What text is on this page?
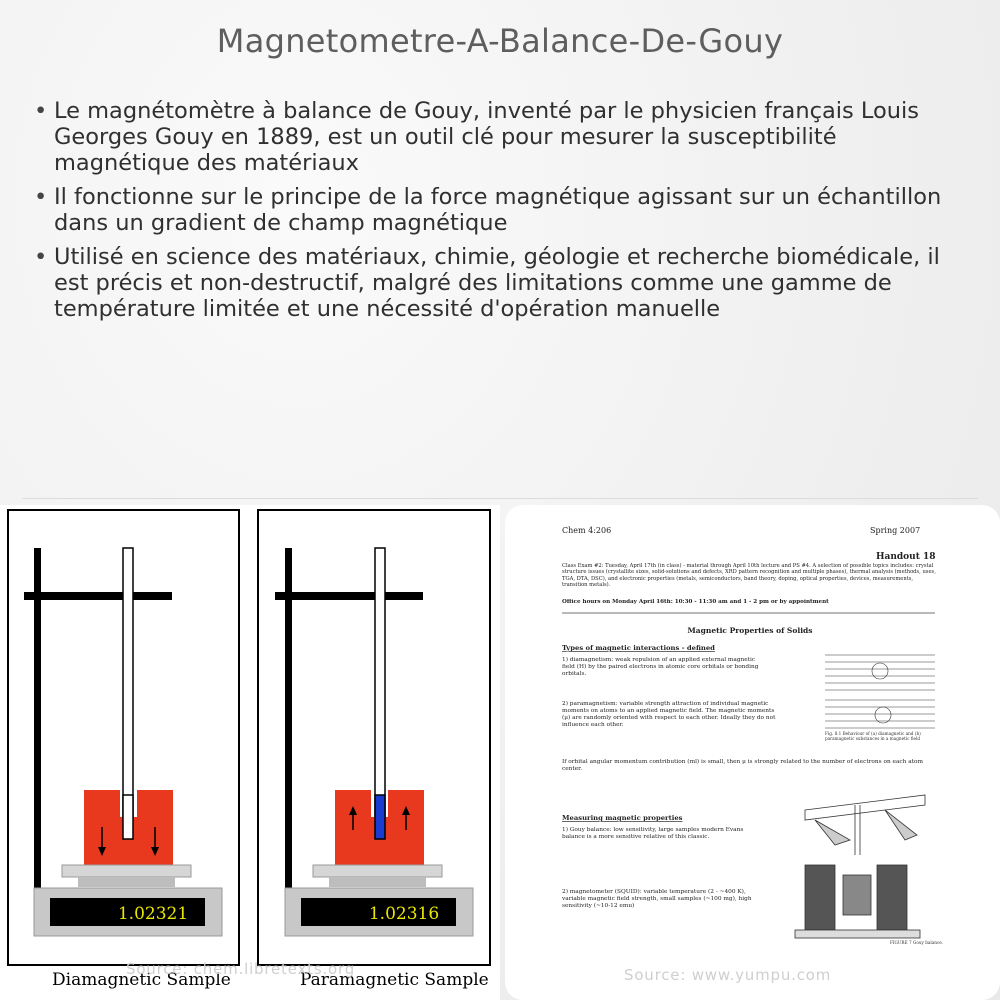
Magnetometre-A-Balance-De-Gouy
• Le magnétomètre à balance de Gouy, inventé par le physicien français Louis Georges Gouy en 1889, est un outil clé pour mesurer la susceptibilité magnétique des matériaux
• Il fonctionne sur le principe de la force magnétique agissant sur un échantillon dans un gradient de champ magnétique
• Utilisé en science des matériaux, chimie, géologie et recherche biomédicale, il est précis et non-destructif, malgré des limitations comme une gamme de température limitée et une nécessité d'opération manuelle
1.02321
Diamagnetic Sample
1.02316
Paramagnetic Sample
Source: chem.libretexts.org
Chem 4:206	Spring 2007
Handout 18
Class Exam #2: Tuesday, April 17th (in class) - material through April 10th lecture and PS #4. A selection of possible topics includes: crystal structure issues (crystallite sizes, solid-solutions and defects, XRD pattern recognition and multiple phases), thermal analysis (methods, uses, TGA, DTA, DSC), and electronic properties (metals, semiconductors, band theory, doping, optical properties, devices, measurements, transition metals).
Office hours on Monday April 16th: 10:30 - 11:30 am and 1 - 2 pm or by appointment
Magnetic Properties of Solids
Types of magnetic interactions - defined
1) diamagnetism: weak repulsion of an applied external magnetic field (H) by the paired electrons in atomic core orbitals or bonding orbitals.
2) paramagnetism: variable strength attraction of individual magnetic moments on atoms to an applied magnetic field. The magnetic moments (μ) are randomly oriented with respect to each other. Ideally they do not influence each other.
Fig. 8.1 Behaviour of (a) diamagnetic and (b) paramagnetic substances in a magnetic field
If orbital angular momentum contribution (ml) is small, then μ is strongly related to the number of electrons on each atom center.
Measuring magnetic properties
1) Gouy balance: low sensitivity, large samples modern Evans balance is a more sensitive relative of this classic.
2) magnetometer (SQUID): variable temperature (2 - ~400 K), variable magnetic field strength, small samples (~100 mg), high sensitivity (~10-12 emu)
FIGURE 7 Gouy balance.
Source: www.yumpu.com
